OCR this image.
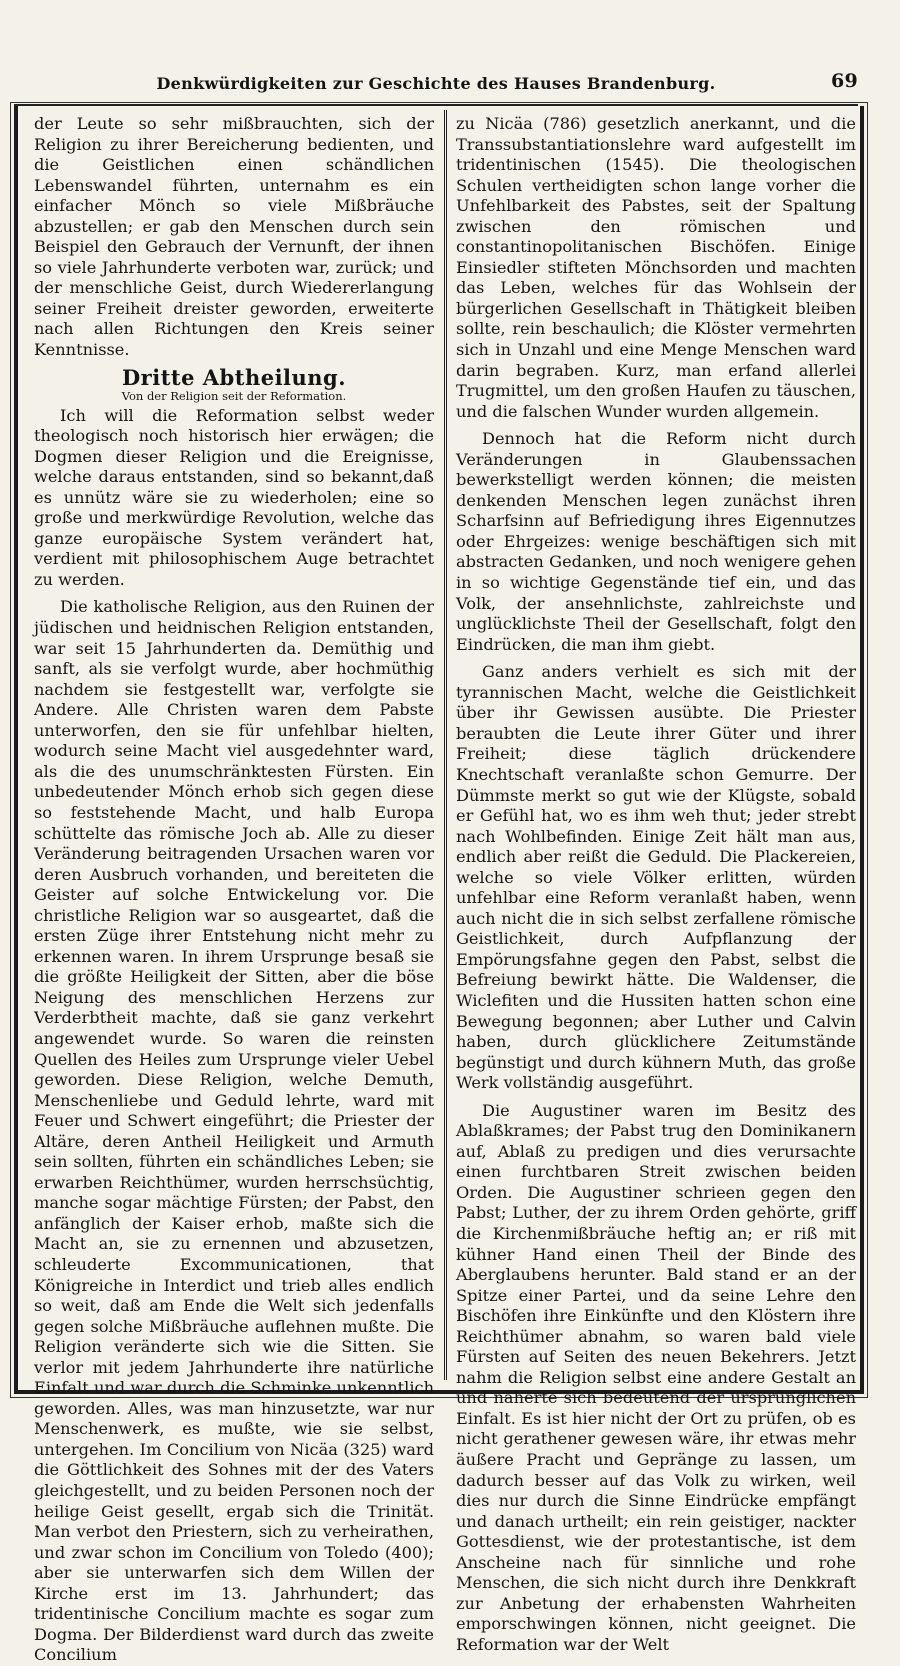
Denkwürdigkeiten zur Geschichte des Hauses Brandenburg.	69

der Leute so sehr mißbrauchten, sich der Religion zu ihrer Bereicherung bedienten, und die Geistlichen einen schändlichen Lebenswandel führten, unternahm es ein einfacher Mönch so viele Mißbräuche abzustellen; er gab den Menschen durch sein Beispiel den Gebrauch der Vernunft, der ihnen so viele Jahrhunderte verboten war, zurück; und der menschliche Geist, durch Wiedererlangung seiner Freiheit dreister geworden, erweiterte nach allen Richtungen den Kreis seiner Kenntnisse.

Dritte Abtheilung.
Von der Religion seit der Reformation.

Ich will die Reformation selbst weder theologisch noch historisch hier erwägen; die Dogmen dieser Religion und die Ereignisse, welche daraus entstanden, sind so bekannt,daß es unnütz wäre sie zu wiederholen; eine so große und merkwürdige Revolution, welche das ganze europäische System verändert hat, verdient mit philosophischem Auge betrachtet zu werden.

Die katholische Religion, aus den Ruinen der jüdischen und heidnischen Religion entstanden, war seit 15 Jahrhunderten da. Demüthig und sanft, als sie verfolgt wurde, aber hochmüthig nachdem sie festgestellt war, verfolgte sie Andere. Alle Christen waren dem Pabste unterworfen, den sie für unfehlbar hielten, wodurch seine Macht viel ausgedehnter ward, als die des unumschränktesten Fürsten. Ein unbedeutender Mönch erhob sich gegen diese so feststehende Macht, und halb Europa schüttelte das römische Joch ab. Alle zu dieser Veränderung beitragenden Ursachen waren vor deren Ausbruch vorhanden, und bereiteten die Geister auf solche Entwickelung vor. Die christliche Religion war so ausgeartet, daß die ersten Züge ihrer Entstehung nicht mehr zu erkennen waren. In ihrem Ursprunge besaß sie die größte Heiligkeit der Sitten, aber die böse Neigung des menschlichen Herzens zur Verderbtheit machte, daß sie ganz verkehrt angewendet wurde. So waren die reinsten Quellen des Heiles zum Ursprunge vieler Uebel geworden. Diese Religion, welche Demuth, Menschenliebe und Geduld lehrte, ward mit Feuer und Schwert eingeführt; die Priester der Altäre, deren Antheil Heiligkeit und Armuth sein sollten, führten ein schändliches Leben; sie erwarben Reichthümer, wurden herrschsüchtig, manche sogar mächtige Fürsten; der Pabst, den anfänglich der Kaiser erhob, maßte sich die Macht an, sie zu ernennen und abzusetzen, schleuderte Excommunicationen, that Königreiche in Interdict und trieb alles endlich so weit, daß am Ende die Welt sich jedenfalls gegen solche Mißbräuche auflehnen mußte. Die Religion veränderte sich wie die Sitten. Sie verlor mit jedem Jahrhunderte ihre natürliche Einfalt und war durch die Schminke unkenntlich geworden. Alles, was man hinzusetzte, war nur Menschenwerk, es mußte, wie sie selbst, untergehen. Im Concilium von Nicäa (325) ward die Göttlichkeit des Sohnes mit der des Vaters gleichgestellt, und zu beiden Personen noch der heilige Geist gesellt, ergab sich die Trinität. Man verbot den Priestern, sich zu verheirathen, und zwar schon im Concilium von Toledo (400); aber sie unterwarfen sich dem Willen der Kirche erst im 13. Jahrhundert; das tridentinische Concilium machte es sogar zum Dogma. Der Bilderdienst ward durch das zweite Concilium

zu Nicäa (786) gesetzlich anerkannt, und die Transsubstantiationslehre ward aufgestellt im tridentinischen (1545). Die theologischen Schulen vertheidigten schon lange vorher die Unfehlbarkeit des Pabstes, seit der Spaltung zwischen den römischen und constantinopolitanischen Bischöfen. Einige Einsiedler stifteten Mönchsorden und machten das Leben, welches für das Wohlsein der bürgerlichen Gesellschaft in Thätigkeit bleiben sollte, rein beschaulich; die Klöster vermehrten sich in Unzahl und eine Menge Menschen ward darin begraben. Kurz, man erfand allerlei Trugmittel, um den großen Haufen zu täuschen, und die falschen Wunder wurden allgemein.

Dennoch hat die Reform nicht durch Veränderungen in Glaubenssachen bewerkstelligt werden können; die meisten denkenden Menschen legen zunächst ihren Scharfsinn auf Befriedigung ihres Eigennutzes oder Ehrgeizes: wenige beschäftigen sich mit abstracten Gedanken, und noch wenigere gehen in so wichtige Gegenstände tief ein, und das Volk, der ansehnlichste, zahlreichste und unglücklichste Theil der Gesellschaft, folgt den Eindrücken, die man ihm giebt.

Ganz anders verhielt es sich mit der tyrannischen Macht, welche die Geistlichkeit über ihr Gewissen ausübte. Die Priester beraubten die Leute ihrer Güter und ihrer Freiheit; diese täglich drückendere Knechtschaft veranlaßte schon Gemurre. Der Dümmste merkt so gut wie der Klügste, sobald er Gefühl hat, wo es ihm weh thut; jeder strebt nach Wohlbefinden. Einige Zeit hält man aus, endlich aber reißt die Geduld. Die Plackereien, welche so viele Völker erlitten, würden unfehlbar eine Reform veranlaßt haben, wenn auch nicht die in sich selbst zerfallene römische Geistlichkeit, durch Aufpflanzung der Empörungsfahne gegen den Pabst, selbst die Befreiung bewirkt hätte. Die Waldenser, die Wiclefiten und die Hussiten hatten schon eine Bewegung begonnen; aber Luther und Calvin haben, durch glücklichere Zeitumstände begünstigt und durch kühnern Muth, das große Werk vollständig ausgeführt.

Die Augustiner waren im Besitz des Ablaßkrames; der Pabst trug den Dominikanern auf, Ablaß zu predigen und dies verursachte einen furchtbaren Streit zwischen beiden Orden. Die Augustiner schrieen gegen den Pabst; Luther, der zu ihrem Orden gehörte, griff die Kirchenmißbräuche heftig an; er riß mit kühner Hand einen Theil der Binde des Aberglaubens herunter. Bald stand er an der Spitze einer Partei, und da seine Lehre den Bischöfen ihre Einkünfte und den Klöstern ihre Reichthümer abnahm, so waren bald viele Fürsten auf Seiten des neuen Bekehrers. Jetzt nahm die Religion selbst eine andere Gestalt an und näherte sich bedeutend der ursprünglichen Einfalt. Es ist hier nicht der Ort zu prüfen, ob es nicht gerathener gewesen wäre, ihr etwas mehr äußere Pracht und Gepränge zu lassen, um dadurch besser auf das Volk zu wirken, weil dies nur durch die Sinne Eindrücke empfängt und danach urtheilt; ein rein geistiger, nackter Gottesdienst, wie der protestantische, ist dem Anscheine nach für sinnliche und rohe Menschen, die sich nicht durch ihre Denkkraft zur Anbetung der erhabensten Wahrheiten emporschwingen können, nicht geeignet. Die Reformation war der Welt
